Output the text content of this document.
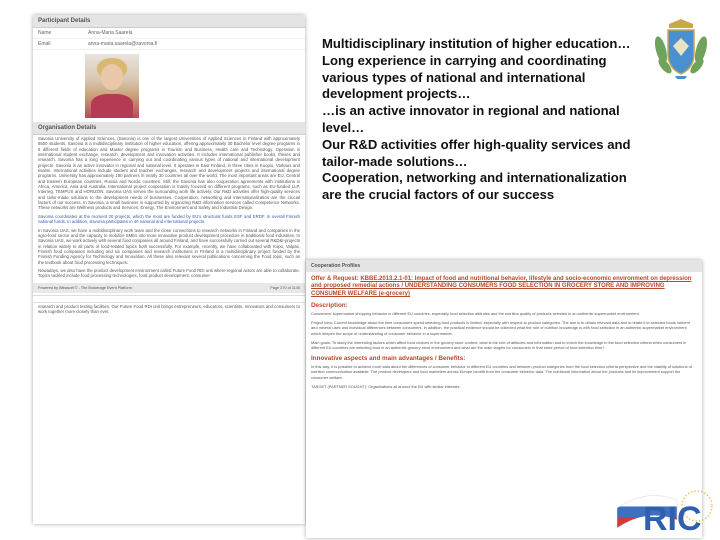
Participant Details
Name	Anna-Maria Saarela
Email	anna-maria.saarela@savonia.fi
Organisation Details
Savonia University of Applied Sciences, (Savonia) is one of the largest Universities of Applied Sciences in Finland with approximately 6500 students. Savonia is a multidisciplinary institution of higher education, offering approximately 30 Bachelor level degree programs in 6 different fields of education and Master degree programs in Tourism and Business, Health care and Technology. Operation is international student exchange, research, development and innovation activities. It includes international publisher books, theses and research. Savonia has a long experience in carrying out and coordinating various types of national and international development projects. Savonia is an active innovator in regional and national level. It operates in East Finland, in three cities in Kuopio, Varkaus and Iisalmi. International activities include student and teacher exchanges, research and development projects and international degree programs. University has approximately 180 partners in nearly 30 countries all over the world. The most important areas are EU, Central and Eastern European countries, Russia and Nordic countries. Still, the Savonia has also cooperation agreements with institutions in Africa, America, Asia and Australia. International project cooperation is mainly focused on different programs, such as EU-funded LLP, Interreg, TEMPUS and HORIZON. Savonia UAS serves the surrounding work life actively. Our R&D activities offer high-quality services and tailor-made solutions to the development needs of businesses. Cooperation, networking and internationalization are the crucial factors of our success. In Savonia, a small business is supported by organizing R&D information services called Competence Networks. These networks are Wellness products and Services, Energy, The Environment and Safety and Industrial Design.
Savonia coordinates at the moment 20 projects, which the most are funded by EU's structural funds ESF and ERDF. In overall Finnish national funds. In addition, Savonia participates in 40 national and international projects.
In Savonia UAS, we have a multidisciplinary work team and the close connections to research networks in Finland and companies in the agro-food sector and the capacity to mobilize SMEs into more innovative product development procedure in traditional food industries. In Savonia UAS, we work actively with several food companies all around Finland, and have successfully carried out several R&D&I-projects in relation widely to all parts of food-related topics both successfully. For example, recently, we have collaborated with Kopo, Valpas, Finnish food companies including and six companies and research institutions in Finland in a multidisciplinary project funded by the Finnish Funding Agency for Technology and Innovation. All these also relevant several publications concerning the Food topic, such as the textbook about food processing techniques.
Nowadays, we also have the product development environment called Future Food RDI unit where regional actors are able to collaborate. Topics tackled include food processing technologies, food product development, consumer
Powered by Bilbasoft © - The Brokerage Event Platform	Page 270 of 1145
research and product testing facilities. Our Future Food RDI unit brings entrepreneurs, educators, scientists, innovators and consumers to work together more closely than ever.
Multidisciplinary institution of higher education…
Long experience in carrying and coordinating various types of national and international development projects…
…is an active innovator in regional and national level…
Our R&D activities offer high-quality services and tailor-made solutions…
Cooperation, networking and internationalization are the crucial factors of our success
Cooperation Profiles
Offer & Request: KBBE.2013.2.1-01: Impact of food and nutritional behavior, lifestyle and socio-economic environment on depression and proposed remedial actions / UNDERSTANDING CONSUMERS FOOD SELECTION IN GROCERY STORE AND IMPROVING CONSUMER WELFARE (e-grocery)
Description:
Consumers' supermarket shopping behavior in different EU countries, especially food selection attitudes and the nutrition quality of products selected in an authentic supermarket environment.
Project Idea: Current knowledge about the time consumers spend selecting food products is limited, especially with respect to product categories. The aim is to obtain relevant data and to relate it to selected foods nutrient and mineral uses and individual differences between consumers. In addition, the practical evidence should be collected what the role of nutrition knowledge is with food selection in an authentic supermarket environment which deepen the scope of understanding of consumer behavior in a supermarket.
Main goals: To study the interesting factors which affect food choices in the grocery store context; what is the role of attitudes and information and to enrich the knowledge in the food selection criteria when consumers in different EU countries are selecting food in an authentic grocery store environment and what are the main targets for consumers in that store period of food selection time?
Innovative aspects and main advantages / Benefits:
In this way, it is possible to achieve more data about the differences of consumer behavior in different EU countries and between product categories from the food selection criteria perspective and the viability of solutions of nutrition communication available. The product developers and food marketers across Europe benefit from the consumer behavior data. The nutritional information about the products and its improvement support the consumer welfare.
TARGET (PARTNER SOUGHT): Organisations all around the EU with similar interests
RIC
